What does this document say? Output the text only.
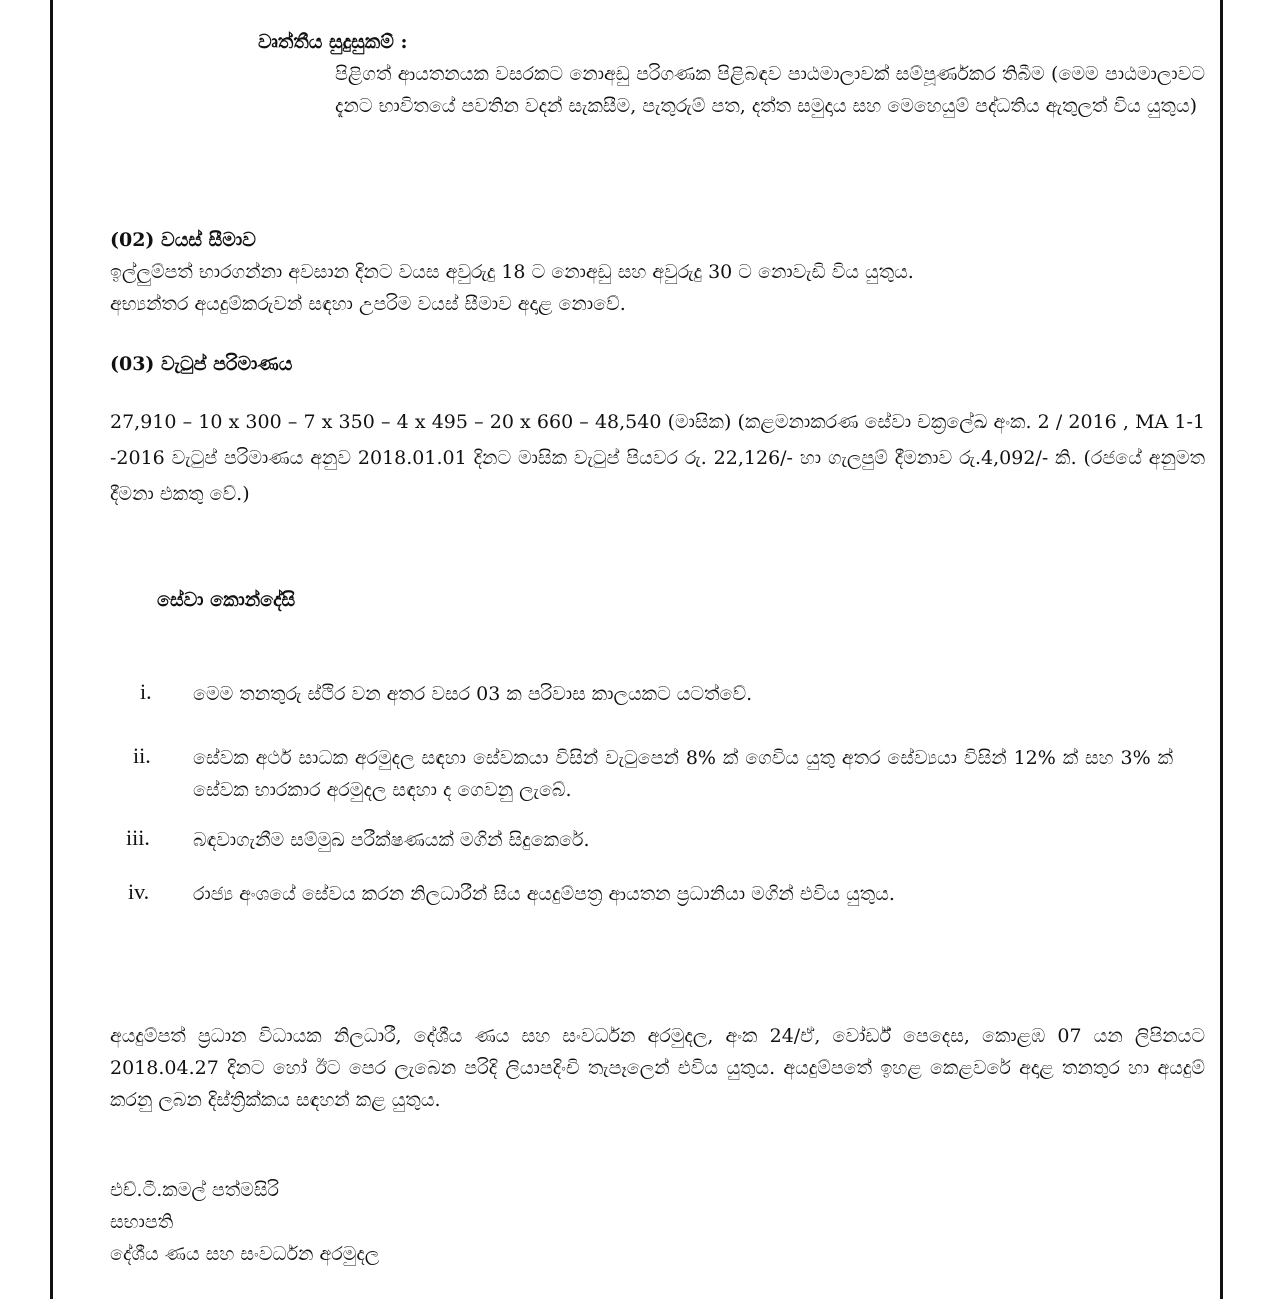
වෘත්තීය සුදුසුකම් :
පිළිගත් ආයතනයක වසරකට නොඅඩු පරිගණක පිළිබඳව පාඨමාලාවක් සම්පූර්ණකර තිබීම (මෙම පාඨමාලාවට දැනට භාවිතයේ පවතින වදන් සැකසීම, පැතුරුම් පත, දත්ත සමුදාය සහ මෙහෙයුම් පද්ධතිය ඇතුලත් විය යුතුය)
(02) වයස් සීමාව
ඉල්ලුම්පත් භාරගන්නා අවසාන දිනට වයස අවුරුදු 18 ට නොඅඩු සහ අවුරුදු 30 ට නොවැඩි විය යුතුය.
අභ්‍යන්තර අයදුම්කරුවන් සඳහා උපරිම වයස් සීමාව අදාළ නොවේ.
(03) වැටුප් පරිමාණය
27,910 – 10 x 300 – 7 x 350 – 4 x 495 – 20 x 660 – 48,540 (මාසික) (කළමනාකරණ සේවා චක්‍රලේඛ අංක. 2 / 2016 , MA 1-1 -2016 වැටුප් පරිමාණය අනුව 2018.01.01 දිනට මාසික වැටුප් පියවර රු. 22,126/- හා ගැලපුම් දීමනාව රු.4,092/- කි. (රජයේ අනුමත දීමනා එකතු වේ.)
සේවා කොන්දේසි
i. මෙම තනතුරු ස්ථිර වන අතර වසර 03 ක පරිවාස කාලයකට යටත්වේ.
ii. සේවක අර්ථ සාධක අරමුදල සඳහා සේවකයා විසින් වැටුපෙන් 8% ක් ගෙවිය යුතු අතර සේව්‍යයා විසින් 12% ක් සහ 3% ක් සේවක භාරකාර අරමුදල සඳහා ද ගෙවනු ලැබේ.
iii. බඳවාගැනීම සම්මුඛ පරීක්ෂණයක් මගින් සිදුකෙරේ.
iv. රාජ්‍ය අංශයේ සේවය කරන නිලධාරීන් සිය අයදුම්පත්‍ර ආයතන ප්‍රධානියා මගින් එවිය යුතුය.
අයදුම්පත් ප්‍රධාන විධායක නිලධාරී, දේශීය ණය සහ සංවර්ධන අරමුදල, අංක 24/ඒ, වෝර්ඩ් පෙදෙස, කොළඹ 07 යන ලිපිනයට 2018.04.27 දිනට හෝ ඊට පෙර ලැබෙන පරිදි ලියාපදිංචි තැපෑලෙන් එවිය යුතුය. අයදුම්පතේ ඉහළ කෙළවරේ අදාළ තනතුර හා අයදුම් කරනු ලබන දිස්ත්‍රික්කය සඳහන් කළ යුතුය.
එච්.ටී.කමල් පත්මසිරි
සභාපති
දේශීය ණය සහ සංවර්ධන අරමුදල
